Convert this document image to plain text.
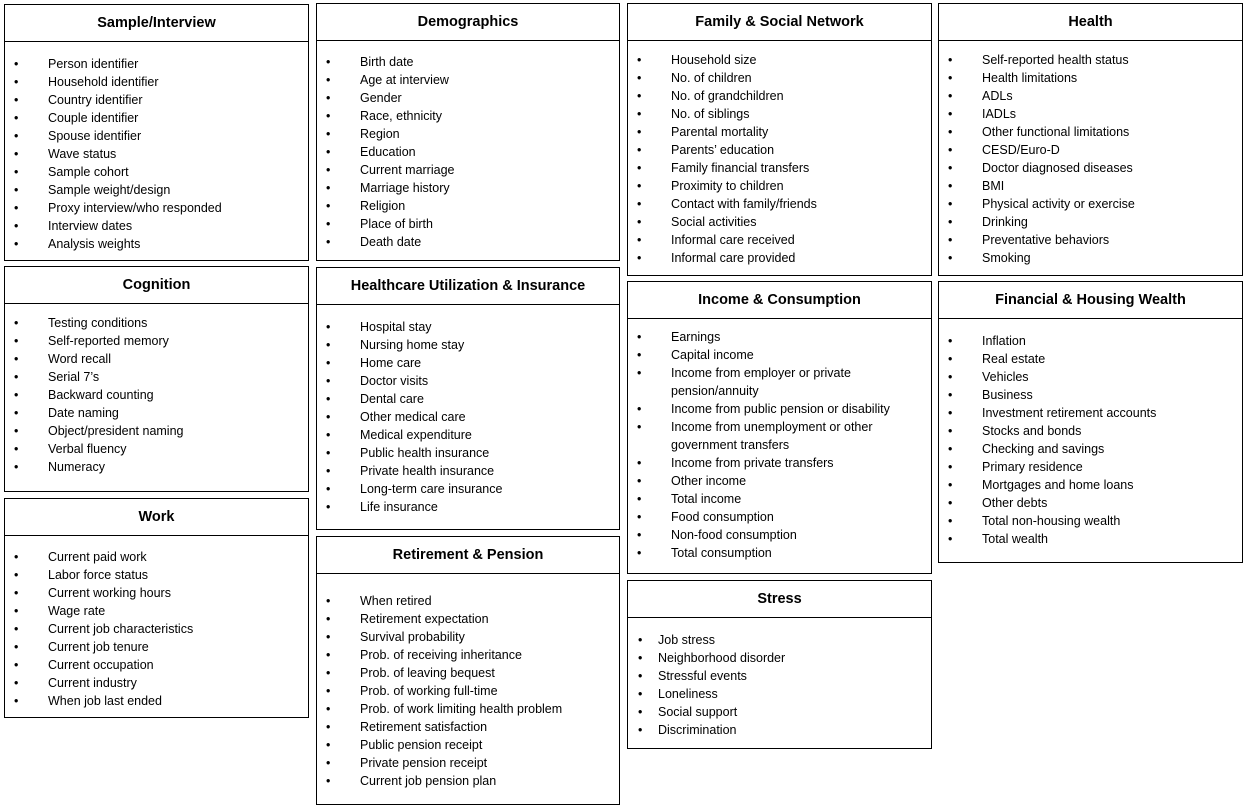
Sample/Interview
• Person identifier
• Household identifier
• Country identifier
• Couple identifier
• Spouse identifier
• Wave status
• Sample cohort
• Sample weight/design
• Proxy interview/who responded
• Interview dates
• Analysis weights
Cognition
• Testing conditions
• Self-reported memory
• Word recall
• Serial 7’s
• Backward counting
• Date naming
• Object/president naming
• Verbal fluency
• Numeracy
Work
• Current paid work
• Labor force status
• Current working hours
• Wage rate
• Current job characteristics
• Current job tenure
• Current occupation
• Current industry
• When job last ended
Demographics
• Birth date
• Age at interview
• Gender
• Race, ethnicity
• Region
• Education
• Current marriage
• Marriage history
• Religion
• Place of birth
• Death date
Healthcare Utilization & Insurance
• Hospital stay
• Nursing home stay
• Home care
• Doctor visits
• Dental care
• Other medical care
• Medical expenditure
• Public health insurance
• Private health insurance
• Long-term care insurance
• Life insurance
Retirement & Pension
• When retired
• Retirement expectation
• Survival probability
• Prob. of receiving inheritance
• Prob. of leaving bequest
• Prob. of working full-time
• Prob. of work limiting health problem
• Retirement satisfaction
• Public pension receipt
• Private pension receipt
• Current job pension plan
Family & Social Network
• Household size
• No. of children
• No. of grandchildren
• No. of siblings
• Parental mortality
• Parents’ education
• Family financial transfers
• Proximity to children
• Contact with family/friends
• Social activities
• Informal care received
• Informal care provided
Income & Consumption
• Earnings
• Capital income
• Income from employer or private pension/annuity
• Income from public pension or disability
• Income from unemployment or other government transfers
• Income from private transfers
• Other income
• Total income
• Food consumption
• Non-food consumption
• Total consumption
Stress
• Job stress
• Neighborhood disorder
• Stressful events
• Loneliness
• Social support
• Discrimination
Health
• Self-reported health status
• Health limitations
• ADLs
• IADLs
• Other functional limitations
• CESD/Euro-D
• Doctor diagnosed diseases
• BMI
• Physical activity or exercise
• Drinking
• Preventative behaviors
• Smoking
Financial & Housing Wealth
• Inflation
• Real estate
• Vehicles
• Business
• Investment retirement accounts
• Stocks and bonds
• Checking and savings
• Primary residence
• Mortgages and home loans
• Other debts
• Total non-housing wealth
• Total wealth
